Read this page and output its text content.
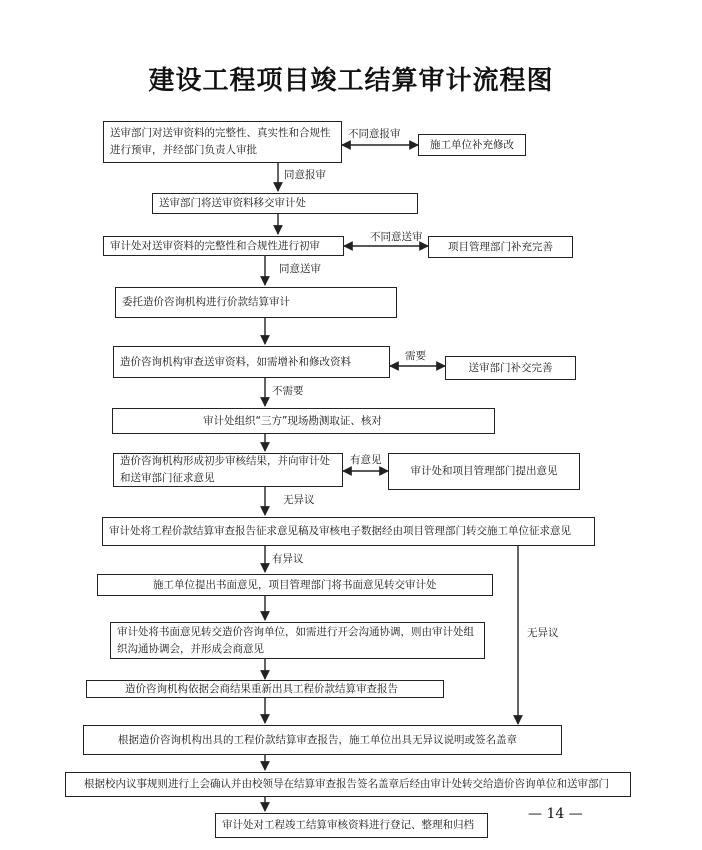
建设工程项目竣工结算审计流程图
送审部门对送审资料的完整性、真实性和合规性进行预审，并经部门负责人审批	施工单位补充修改
送审部门将送审资料移交审计处
审计处对送审资料的完整性和合规性进行初审	项目管理部门补充完善
委托造价咨询机构进行价款结算审计
造价咨询机构审查送审资料，如需增补和修改资料	送审部门补交完善
审计处组织“三方”现场勘测取证、核对
造价咨询机构形成初步审核结果，并向审计处和送审部门征求意见
审计处和项目管理部门提出意见
审计处将工程价款结算审查报告征求意见稿及审核电子数据经由项目管理部门转交施工单位征求意见
施工单位提出书面意见，项目管理部门将书面意见转交审计处
审计处将书面意见转交造价咨询单位，如需进行开会沟通协调，则由审计处组织沟通协调会，并形成会商意见
造价咨询机构依据会商结果重新出具工程价款结算审查报告
根据造价咨询机构出具的工程价款结算审查报告，施工单位出具无异议说明或签名盖章
根据校内议事规则进行上会确认并由校领导在结算审查报告签名盖章后经由审计处转交给造价咨询单位和送审部门
审计处对工程竣工结算审核资料进行登记、整理和归档
不同意报审
同意报审
不同意送审
同意送审
需要
不需要
有意见
无异议
有异议
无异议
— 14 —
